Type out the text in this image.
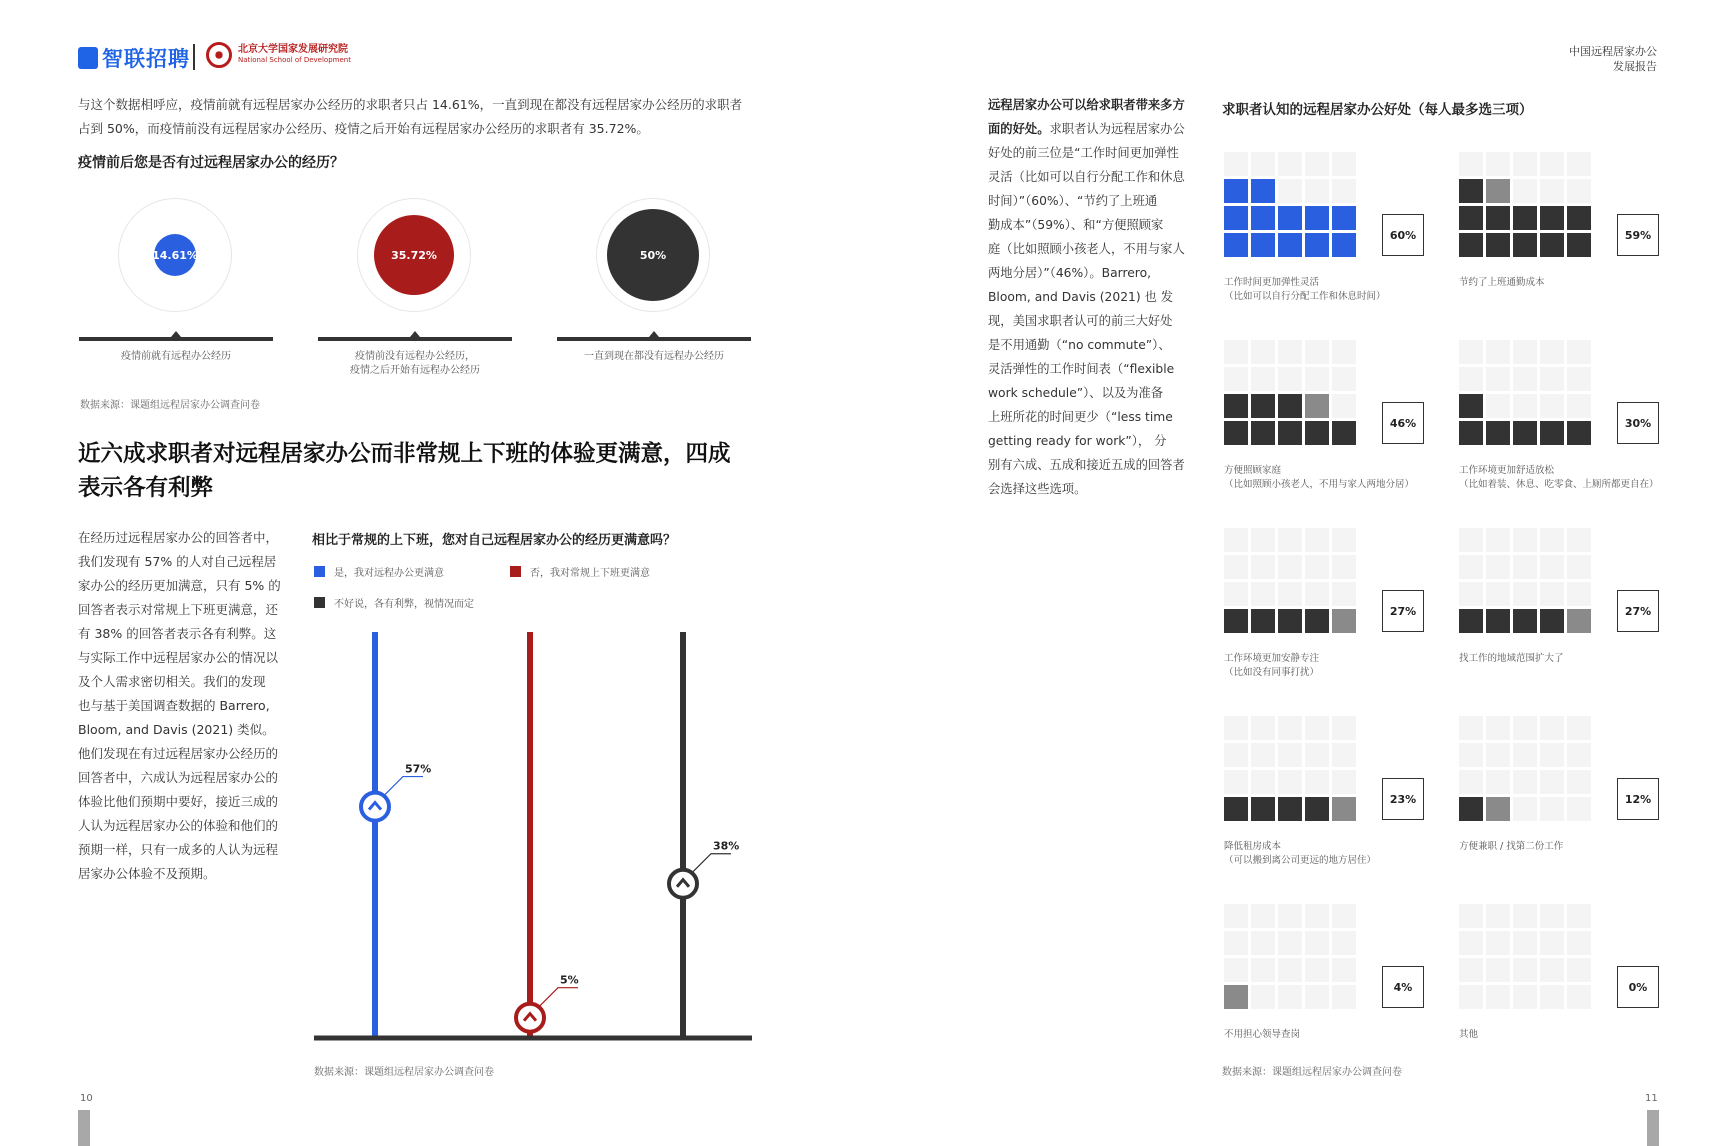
智联招聘	北京大学国家发展研究院
National School of Development
中国远程居家办公
发展报告
与这个数据相呼应，疫情前就有远程居家办公经历的求职者只占 14.61%，一直到现在都没有远程居家办公经历的求职者
占到 50%，而疫情前没有远程居家办公经历、疫情之后开始有远程居家办公经历的求职者有 35.72%。
疫情前后您是否有过远程居家办公的经历？
14.61%
疫情前就有远程办公经历
35.72%
疫情前没有远程办公经历，
疫情之后开始有远程办公经历
50%
一直到现在都没有远程办公经历
数据来源：课题组远程居家办公调查问卷
近六成求职者对远程居家办公而非常规上下班的体验更满意，四成
表示各有利弊
在经历过远程居家办公的回答者中，
我们发现有 57% 的人对自己远程居
家办公的经历更加满意，只有 5% 的
回答者表示对常规上下班更满意，还
有 38% 的回答者表示各有利弊。这
与实际工作中远程居家办公的情况以
及个人需求密切相关。我们的发现
也与基于美国调查数据的 Barrero,
Bloom, and Davis (2021) 类似。
他们发现在有过远程居家办公经历的
回答者中，六成认为远程居家办公的
体验比他们预期中要好，接近三成的
人认为远程居家办公的体验和他们的
预期一样，只有一成多的人认为远程
居家办公体验不及预期。
相比于常规的上下班，您对自己远程居家办公的经历更满意吗？
是，我对远程办公更满意	否，我对常规上下班更满意
不好说，各有利弊，视情况而定
57%
5%
38%
数据来源：课题组远程居家办公调查问卷
10
远程居家办公可以给求职者带来多方
面的好处。求职者认为远程居家办公
好处的前三位是“工作时间更加弹性
灵活（比如可以自行分配工作和休息
时间）”（60%）、“节约了上班通
勤成本”（59%）、和“方便照顾家
庭（比如照顾小孩老人，不用与家人
两地分居）”（46%）。Barrero,
Bloom, and Davis (2021) 也 发
现，美国求职者认可的前三大好处
是不用通勤（“no commute”）、
灵活弹性的工作时间表（“flexible
work schedule”）、以及为准备
上班所花的时间更少（“less time
getting ready for work”）， 分
别有六成、五成和接近五成的回答者
会选择这些选项。
求职者认知的远程居家办公好处（每人最多选三项）
60%
工作时间更加弹性灵活
（比如可以自行分配工作和休息时间）
59%
节约了上班通勤成本
46%
方便照顾家庭
（比如照顾小孩老人，不用与家人两地分居）
30%
工作环境更加舒适放松
（比如着装、休息、吃零食、上厕所都更自在）
27%
工作环境更加安静专注
（比如没有同事打扰）
27%
找工作的地域范围扩大了
23%
降低租房成本
（可以搬到离公司更远的地方居住）
12%
方便兼职 / 找第二份工作
4%
不用担心领导查岗
0%
其他
数据来源：课题组远程居家办公调查问卷
11
